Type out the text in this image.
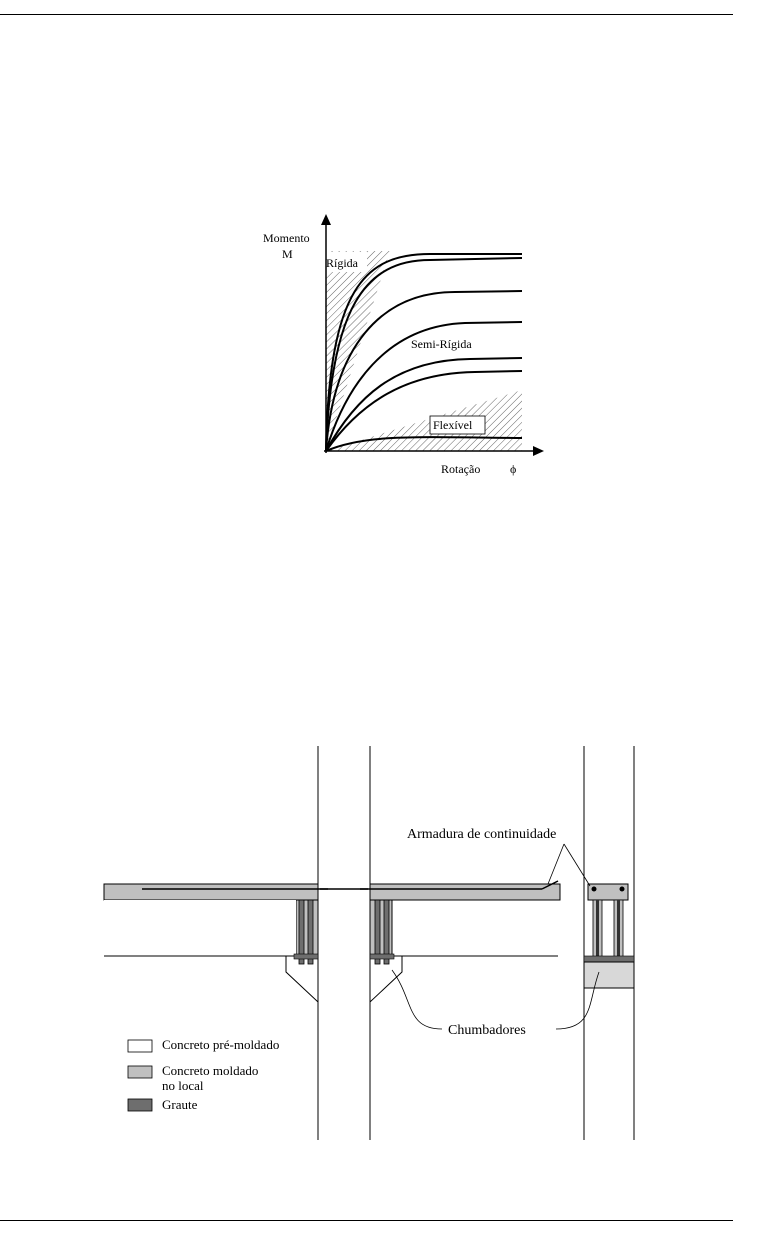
Momento
M
Rígida
Semi-Rígida
Flexível
Rotação ϕ
Armadura de continuidade
Chumbadores
Concreto pré-moldado
Concreto moldado
no local
Graute
